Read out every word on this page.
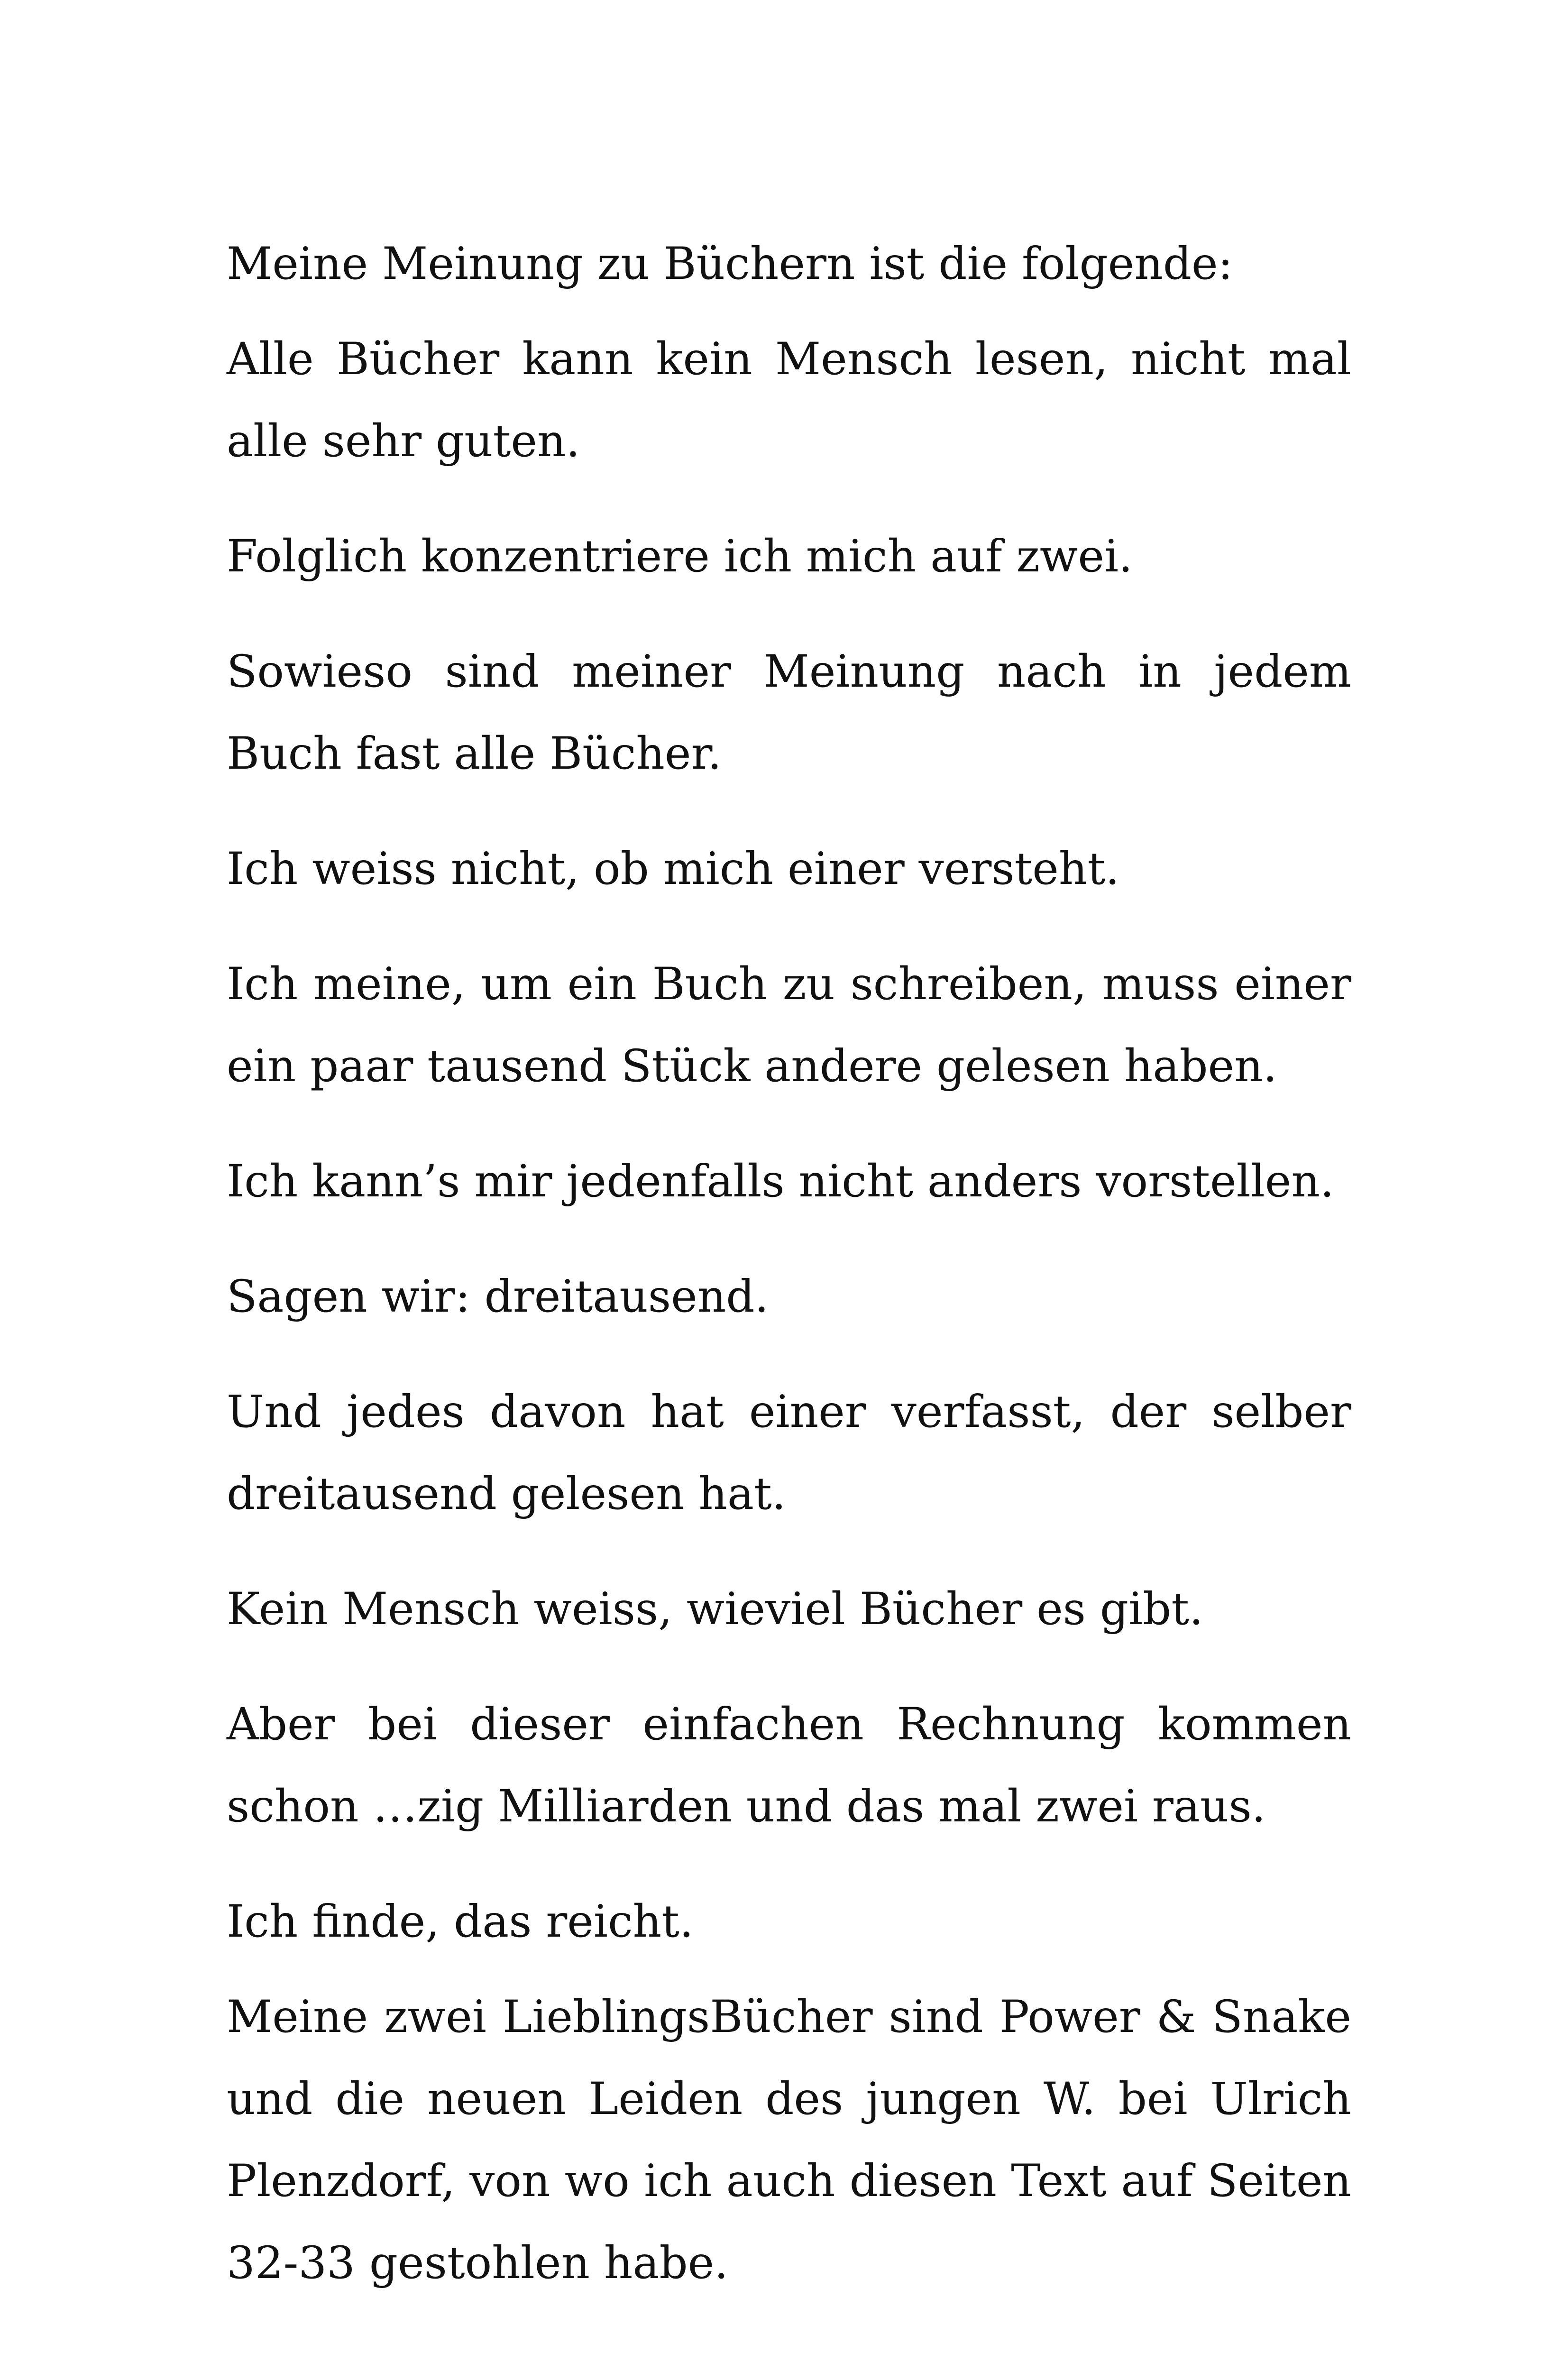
Meine Meinung zu Büchern ist die folgende:

Alle Bücher kann kein Mensch lesen, nicht mal alle sehr guten.

Folglich konzentriere ich mich auf zwei.

Sowieso sind meiner Meinung nach in jedem Buch fast alle Bücher.

Ich weiss nicht, ob mich einer versteht.

Ich meine, um ein Buch zu schreiben, muss einer ein paar tausend Stück andere gelesen haben.

Ich kann’s mir jedenfalls nicht anders vorstellen.

Sagen wir: dreitausend.

Und jedes davon hat einer verfasst, der selber dreitausend gelesen hat.

Kein Mensch weiss, wieviel Bücher es gibt.

Aber bei dieser einfachen Rechnung kommen schon …zig Milliarden und das mal zwei raus.

Ich finde, das reicht.

Meine zwei LieblingsBücher sind Power & Snake und die neuen Leiden des jungen W. bei Ulrich Plenzdorf, von wo ich auch diesen Text auf Seiten 32-33 gestohlen habe.
